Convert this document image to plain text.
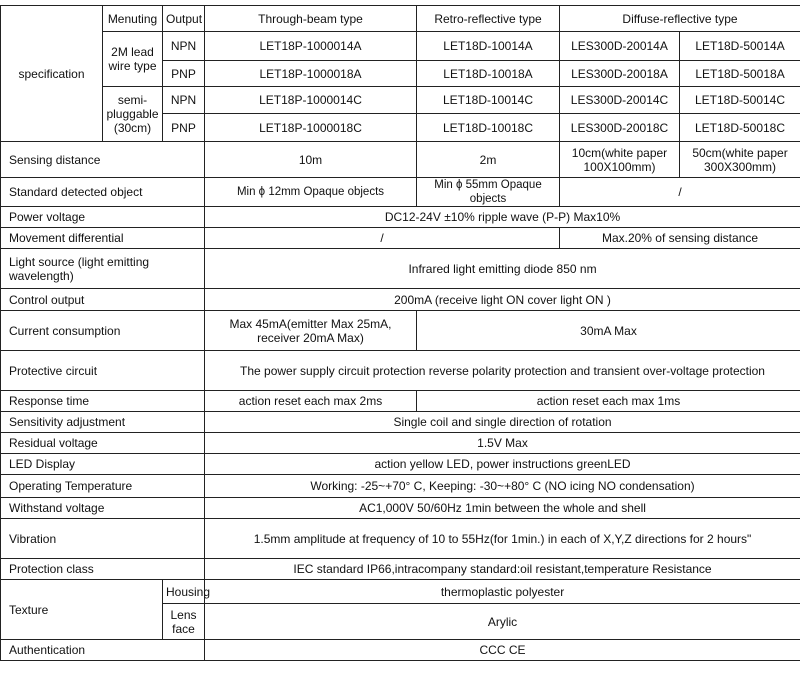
specification	Menuting	Output	Through-beam type	Retro-reflective type	Diffuse-reflective type	
	2M lead wire type	NPN	LET18P-1000014A	LET18D-10014A	LES300D-20014A	LET18D-50014A
		PNP	LET18P-1000018A	LET18D-10018A	LES300D-20018A	LET18D-50018A
	semi-pluggable (30cm)	NPN	LET18P-1000014C	LET18D-10014C	LES300D-20014C	LET18D-50014C
		PNP	LET18P-1000018C	LET18D-10018C	LES300D-20018C	LET18D-50018C
Sensing distance			10m	2m	10cm(white paper 100X100mm)	50cm(white paper 300X300mm)
Standard detected object			Min ϕ 12mm Opaque objects	Min ϕ 55mm Opaque objects	/	
Power voltage			DC12-24V ±10% ripple wave (P-P) Max10%			
Movement differential			/		Max.20% of sensing distance	
Light source (light emitting wavelength)			Infrared light emitting diode 850 nm			
Control output			200mA (receive light ON cover light ON )			
Current consumption			Max 45mA(emitter Max 25mA, receiver 20mA Max)	30mA Max		
Protective circuit			The power supply circuit protection reverse polarity protection and transient over-voltage protection			
Response time			action reset each max 2ms	action reset each max 1ms		
Sensitivity adjustment			Single coil and single direction of rotation			
Residual voltage			1.5V Max			
LED Display			action yellow LED, power instructions greenLED			
Operating Temperature			Working: -25~+70° C, Keeping: -30~+80° C (NO icing NO condensation)			
Withstand voltage			AC1,000V 50/60Hz 1min between the whole and shell			
Vibration			1.5mm amplitude at frequency of 10 to 55Hz(for 1min.) in each of X,Y,Z directions for 2 hours"			
Protection class			IEC standard IP66,intracompany standard:oil resistant,temperature Resistance			
Texture		Housing	thermoplastic polyester			
		Lens face	Arylic			
Authentication			CCC CE			
